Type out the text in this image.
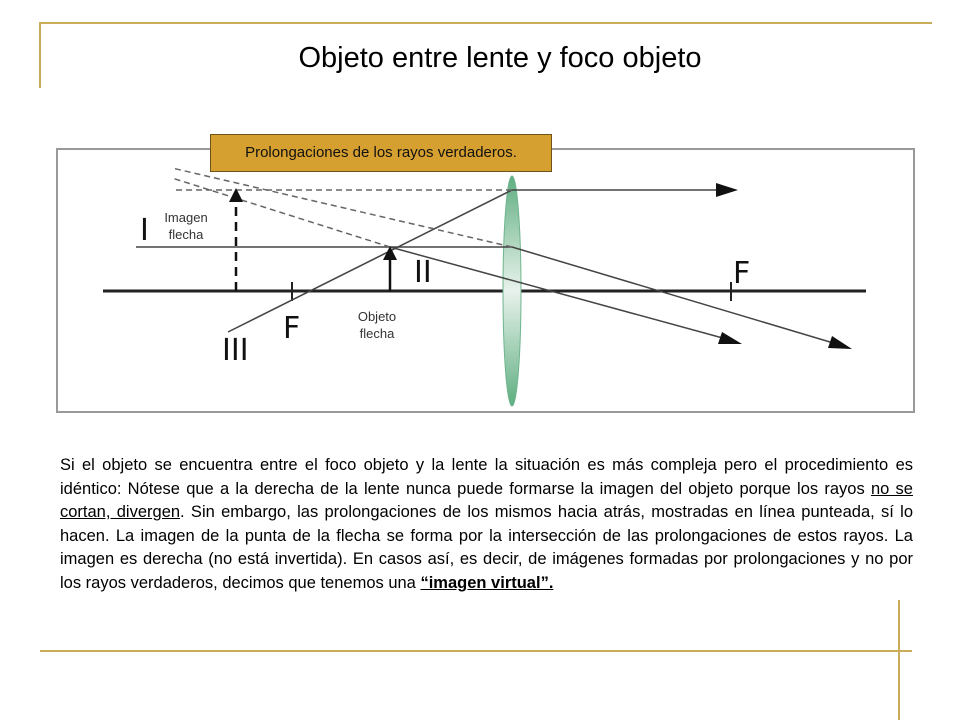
Objeto entre lente y foco objeto
Prolongaciones de los rayos verdaderos.
Imagen
flecha
Objeto
flecha
I
II
III
F
F

Si el objeto se encuentra entre el foco objeto y la lente la situación es más compleja pero el procedimiento es idéntico: Nótese que a la derecha de la lente nunca puede formarse la imagen del objeto porque los rayos no se cortan, divergen. Sin embargo, las prolongaciones de los mismos hacia atrás, mostradas en línea punteada, sí lo hacen. La imagen de la punta de la flecha se forma por la intersección de las prolongaciones de estos rayos. La imagen es derecha (no está invertida). En casos así, es decir, de imágenes formadas por prolongaciones y no por los rayos verdaderos, decimos que tenemos una “imagen virtual”.
